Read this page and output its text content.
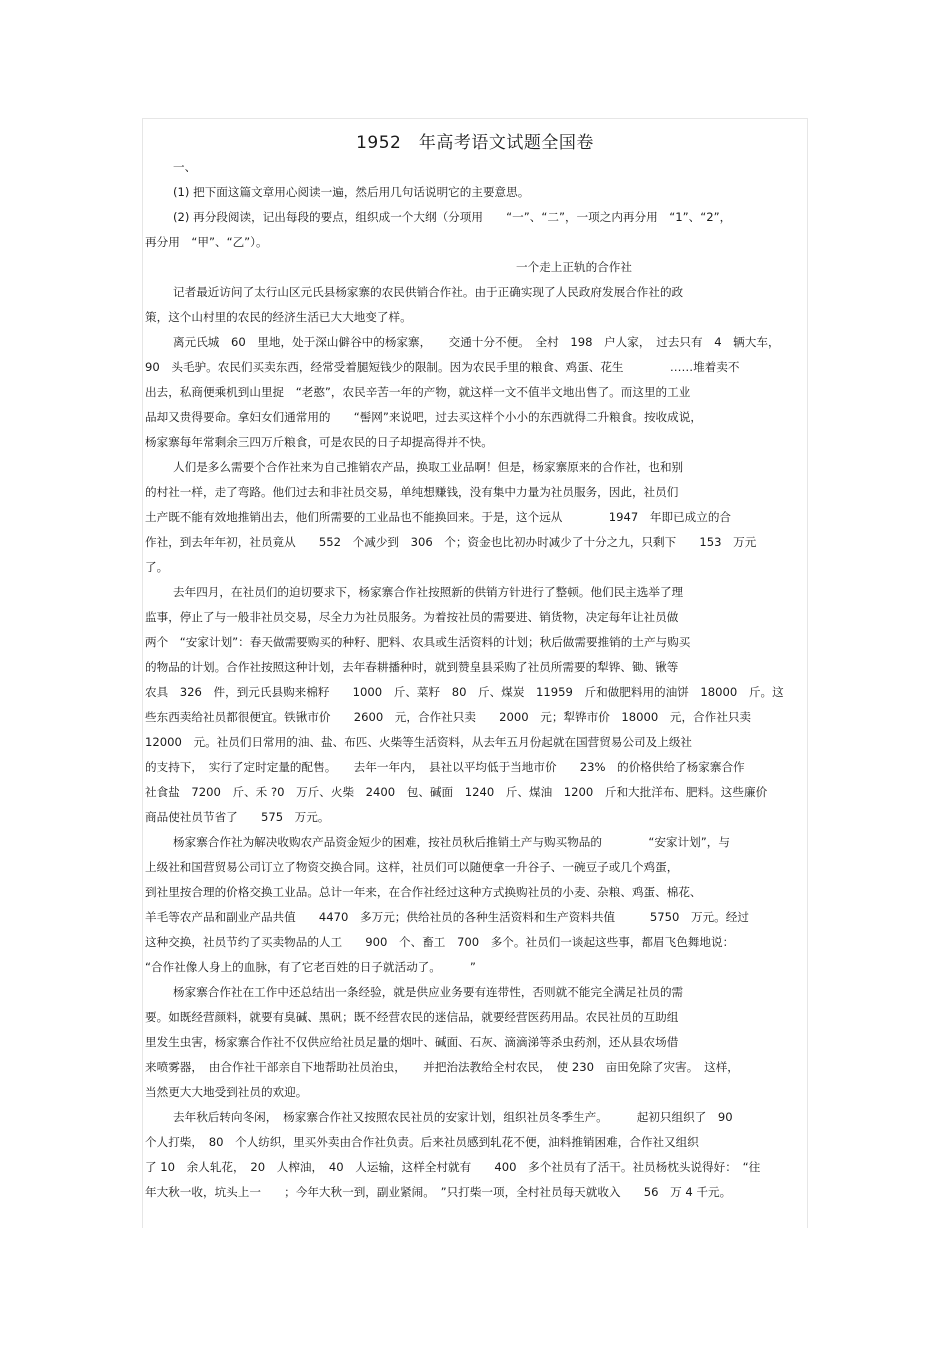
1952　年高考语文试题全国卷
一、
(1) 把下面这篇文章用心阅读一遍，然后用几句话说明它的主要意思。
(2) 再分段阅读，记出每段的要点，组织成一个大纲（分项用　　“一”、“二”，一项之内再分用　“1”、“2”，
再分用　“甲”、“乙”）。
一个走上正轨的合作社
记者最近访问了太行山区元氏县杨家寨的农民供销合作社。由于正确实现了人民政府发展合作社的政
策，这个山村里的农民的经济生活已大大地变了样。
离元氏城　60　里地，处于深山僻谷中的杨家寨，　　交通十分不便。　全村　198　户人家，　过去只有　4　辆大车，
90　头毛驴。农民们买卖东西，经常受着腿短钱少的限制。因为农民手里的粮食、鸡蛋、花生　　　　……堆着卖不
出去，私商便乘机到山里捉　“老憨”，农民辛苦一年的产物，就这样一文不值半文地出售了。而这里的工业
品却又贵得要命。拿妇女们通常用的　　“髻网”来说吧，过去买这样个小小的东西就得二升粮食。按收成说，
杨家寨每年常剩余三四万斤粮食，可是农民的日子却提高得并不快。
人们是多么需要个合作社来为自己推销农产品，换取工业品啊！但是，杨家寨原来的合作社，也和别
的村社一样，走了弯路。他们过去和非社员交易，单纯想赚钱，没有集中力量为社员服务，因此，社员们
土产既不能有效地推销出去，他们所需要的工业品也不能换回来。于是，这个远从　　　　1947　年即已成立的合
作社，到去年年初，社员竟从　　552　个减少到　306　个；资金也比初办时减少了十分之九，只剩下　　153　万元
了。
去年四月，在社员们的迫切要求下，杨家寨合作社按照新的供销方针进行了整顿。他们民主选举了理
监事，停止了与一般非社员交易，尽全力为社员服务。为着按社员的需要进、销货物，决定每年让社员做
两个　“安家计划”：春天做需要购买的种籽、肥料、农具或生活资料的计划；秋后做需要推销的土产与购买
的物品的计划。合作社按照这种计划，去年春耕播种时，就到赞皇县采购了社员所需要的犁铧、锄、锹等
农具　326　件，到元氏县购来棉籽　　1000　斤、菜籽　80　斤、煤炭　11959　斤和做肥料用的油饼　18000　斤。这
些东西卖给社员都很便宜。铁锹市价　　2600　元，合作社只卖　　2000　元；犁铧市价　18000　元，合作社只卖
12000　元。社员们日常用的油、盐、布匹、火柴等生活资料，从去年五月份起就在国营贸易公司及上级社
的支持下，　实行了定时定量的配售。　　去年一年内，　县社以平均低于当地市价　　23%　的价格供给了杨家寨合作
社食盐　7200　斤、禾 ?0　万斤、火柴　2400　包、碱面　1240　斤、煤油　1200　斤和大批洋布、肥料。这些廉价
商品使社员节省了　　575　万元。
杨家寨合作社为解决收购农产品资金短少的困难，按社员秋后推销土产与购买物品的　　　　“安家计划”，与
上级社和国营贸易公司订立了物资交换合同。这样，社员们可以随便拿一升谷子、一碗豆子或几个鸡蛋，
到社里按合理的价格交换工业品。总计一年来，在合作社经过这种方式换购社员的小麦、杂粮、鸡蛋、棉花、
羊毛等农产品和副业产品共值　　4470　多万元；供给社员的各种生活资料和生产资料共值　　　5750　万元。经过
这种交换，社员节约了买卖物品的人工　　900　个、畜工　700　多个。社员们一谈起这些事，都眉飞色舞地说：
“合作社像人身上的血脉，有了它老百姓的日子就活动了。　　　”
杨家寨合作社在工作中还总结出一条经验，就是供应业务要有连带性，否则就不能完全满足社员的需
要。如既经营颜料，就要有臭碱、黑矾；既不经营农民的迷信品，就要经营医药用品。农民社员的互助组
里发生虫害，杨家寨合作社不仅供应给社员足量的烟叶、碱面、石灰、滴滴涕等杀虫药剂，还从县农场借
来喷雾器，　由合作社干部亲自下地帮助社员治虫，　　并把治法教给全村农民，　使 230　亩田免除了灾害。　这样，
当然更大大地受到社员的欢迎。
去年秋后转向冬闲，　杨家寨合作社又按照农民社员的安家计划，组织社员冬季生产。　　　起初只组织了　90
个人打柴，　80　个人纺织，里买外卖由合作社负责。后来社员感到轧花不便，油料推销困难，合作社又组织
了 10　余人轧花，　20　人榨油，　40　人运输，这样全村就有　　400　多个社员有了活干。社员杨枕头说得好：　“往
年大秋一收，坑头上一　　；今年大秋一到，副业紧闹。　”只打柴一项，全村社员每天就收入　　56　万 4 千元。
